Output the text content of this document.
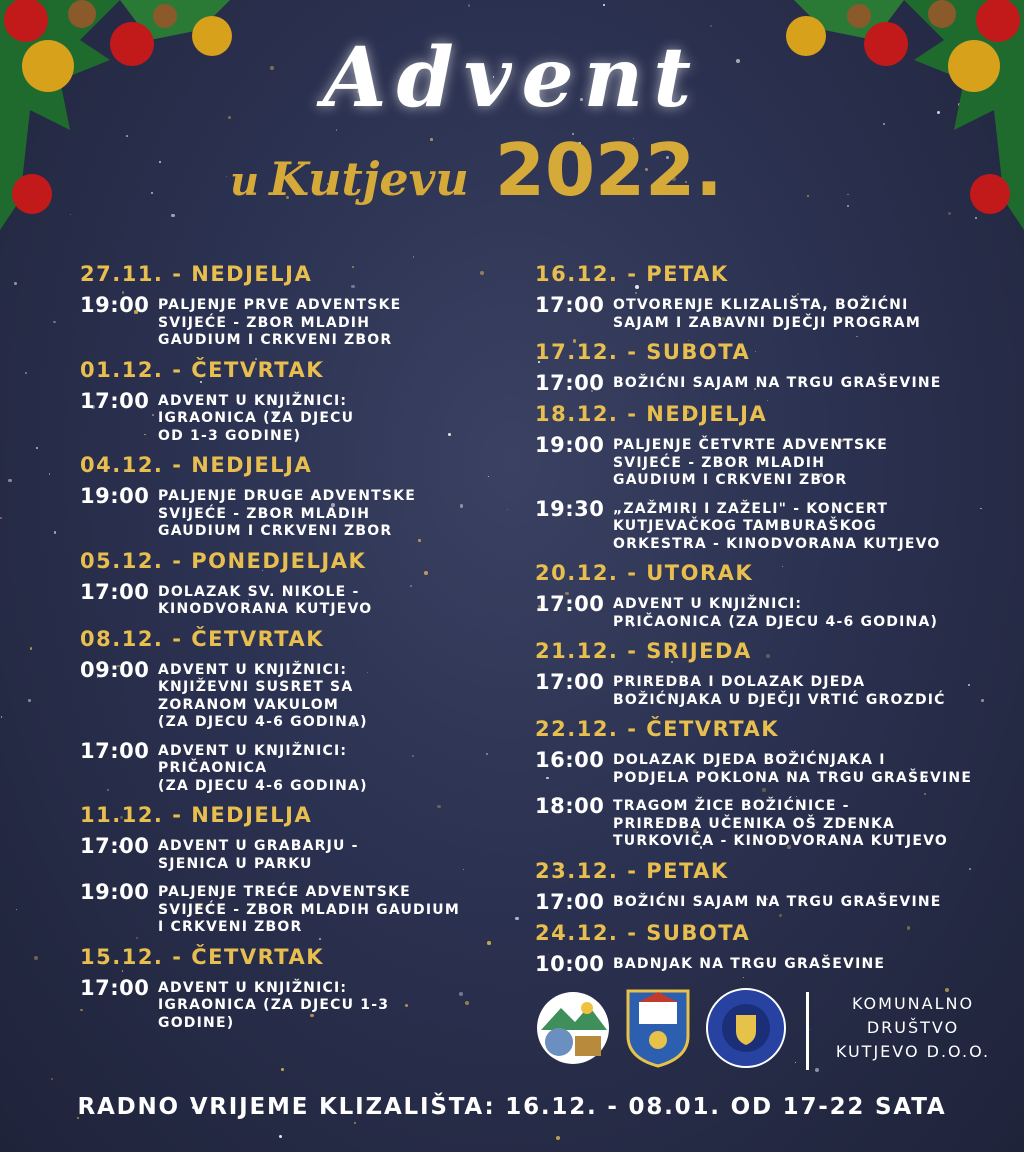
Advent
u Kutjevu 2022.
27.11. - NEDJELJA
19:00 PALJENJE PRVE ADVENTSKE
SVIJEĆE - ZBOR MLADIH
GAUDIUM I CRKVENI ZBOR
01.12. - ČETVRTAK
17:00 ADVENT U KNJIŽNICI:
IGRAONICA (ZA DJECU
OD 1-3 GODINE)
04.12. - NEDJELJA
19:00 PALJENJE DRUGE ADVENTSKE
SVIJEĆE - ZBOR MLADIH
GAUDIUM I CRKVENI ZBOR
05.12. - PONEDJELJAK
17:00 DOLAZAK SV. NIKOLE -
KINODVORANA KUTJEVO
08.12. - ČETVRTAK
09:00 ADVENT U KNJIŽNICI:
KNJIŽEVNI SUSRET SA
ZORANOM VAKULOM
(ZA DJECU 4-6 GODINA)
17:00 ADVENT U KNJIŽNICI:
PRIČAONICA
(ZA DJECU 4-6 GODINA)
11.12. - NEDJELJA
17:00 ADVENT U GRABARJU -
SJENICA U PARKU
19:00 PALJENJE TREĆE ADVENTSKE
SVIJEĆE - ZBOR MLADIH GAUDIUM
I CRKVENI ZBOR
15.12. - ČETVRTAK
17:00 ADVENT U KNJIŽNICI:
IGRAONICA (ZA DJECU 1-3
GODINE)
16.12. - PETAK
17:00 OTVORENJE KLIZALIŠTA, BOŽIĆNI
SAJAM I ZABAVNI DJEČJI PROGRAM
17.12. - SUBOTA
17:00 BOŽIĆNI SAJAM NA TRGU GRAŠEVINE
18.12. - NEDJELJA
19:00 PALJENJE ČETVRTE ADVENTSKE
SVIJEĆE - ZBOR MLADIH
GAUDIUM I CRKVENI ZBOR
19:30 „ZAŽMIRI I ZAŽELI" - KONCERT
KUTJEVAČKOG TAMBURAŠKOG
ORKESTRA - KINODVORANA KUTJEVO
20.12. - UTORAK
17:00 ADVENT U KNJIŽNICI:
PRIČAONICA (ZA DJECU 4-6 GODINA)
21.12. - SRIJEDA
17:00 PRIREDBA I DOLAZAK DJEDA
BOŽIĆNJAKA U DJEČJI VRTIĆ GROZDIĆ
22.12. - ČETVRTAK
16:00 DOLAZAK DJEDA BOŽIĆNJAKA I
PODJELA POKLONA NA TRGU GRAŠEVINE
18:00 TRAGOM ŽICE BOŽIĆNICE -
PRIREDBA UČENIKA OŠ ZDENKA
TURKOVIĆA - KINODVORANA KUTJEVO
23.12. - PETAK
17:00 BOŽIĆNI SAJAM NA TRGU GRAŠEVINE
24.12. - SUBOTA
10:00 BADNJAK NA TRGU GRAŠEVINE
KOMUNALNO
DRUŠTVO
KUTJEVO D.O.O.
RADNO VRIJEME KLIZALIŠTA: 16.12. - 08.01. OD 17-22 SATA
